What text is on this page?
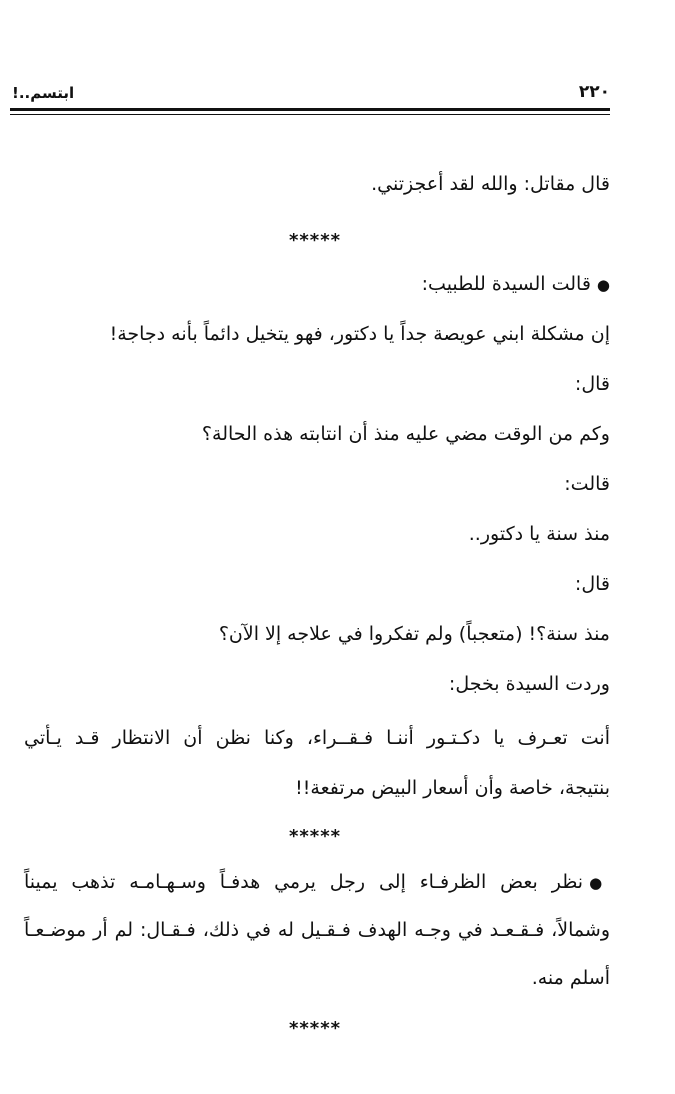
ابتسم..!	٢٢٠
قال مقاتل: والله لقد أعجزتني.
*****
●قالت السيدة للطبيب:
إن مشكلة ابني عويصة جداً يا دكتور، فهو يتخيل دائماً بأنه دجاجة!
قال:
وكم من الوقت مضي عليه منذ أن انتابته هذه الحالة؟
قالت:
منذ سنة يا دكتور..
قال:
منذ سنة؟! (متعجباً) ولم تفكروا في علاجه إلا الآن؟
وردت السيدة بخجل:
أنت تعـرف يا دكـتـور أننـا فـقــراء، وكنا نظن أن الانتظار قـد يـأتي
بنتيجة، خاصة وأن أسعار البيض مرتفعة!!
*****
●نظر بعض الظرفـاء إلى رجل يرمي هدفـاً وسـهـامـه تذهب يميناً
وشمالاً، فـقـعـد في وجـه الهدف فـقـيل له في ذلك، فـقـال: لم أر موضـعـاً
أسلم منه.
*****
